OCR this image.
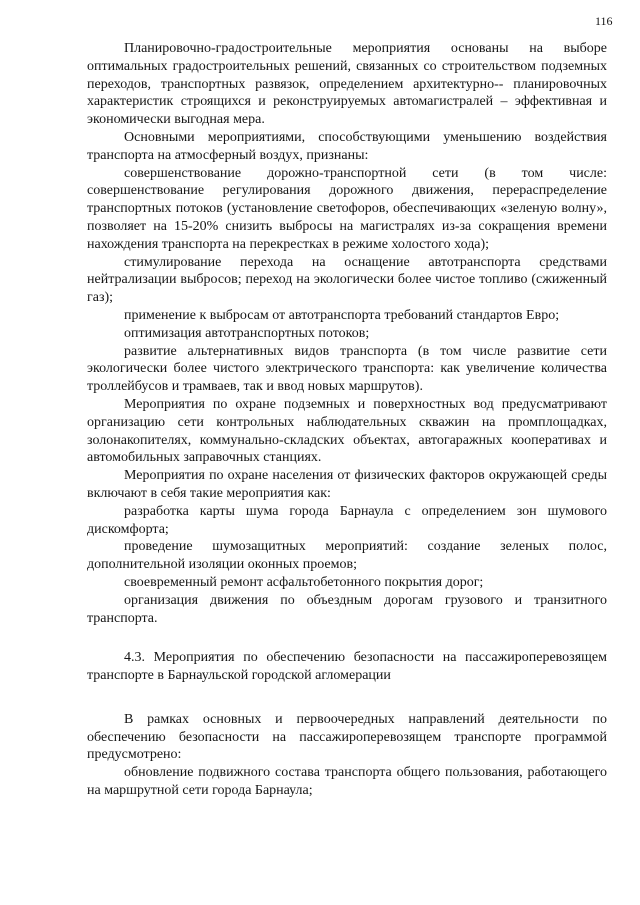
116

Планировочно-градостроительные мероприятия основаны на выборе оптимальных градостроительных решений, связанных со строительством подземных переходов, транспортных развязок, определением архитектурно-- планировочных характеристик строящихся и реконструируемых автомагистралей – эффективная и экономически выгодная мера.

Основными мероприятиями, способствующими уменьшению воздействия транспорта на атмосферный воздух, признаны:

совершенствование дорожно-транспортной сети (в том числе: совершенствование регулирования дорожного движения, перераспределение транспортных потоков (установление светофоров, обеспечивающих «зеленую волну», позволяет на 15-20% снизить выбросы на магистралях из-за сокращения времени нахождения транспорта на перекрестках в режиме холостого хода);

стимулирование перехода на оснащение автотранспорта средствами нейтрализации выбросов; переход на экологически более чистое топливо (сжиженный газ);

применение к выбросам от автотранспорта требований стандартов Евро;

оптимизация автотранспортных потоков;

развитие альтернативных видов транспорта (в том числе развитие сети экологически более чистого электрического транспорта: как увеличение количества троллейбусов и трамваев, так и ввод новых маршрутов).

Мероприятия по охране подземных и поверхностных вод предусматривают организацию сети контрольных наблюдательных скважин на промплощадках, золонакопителях, коммунально-складских объектах, автогаражных кооперативах и автомобильных заправочных станциях.

Мероприятия по охране населения от физических факторов окружающей среды включают в себя такие мероприятия как:

разработка карты шума города Барнаула с определением зон шумового дискомфорта;

проведение шумозащитных мероприятий: создание зеленых полос, дополнительной изоляции оконных проемов;

своевременный ремонт асфальтобетонного покрытия дорог;

организация движения по объездным дорогам грузового и транзитного транспорта.

4.3. Мероприятия по обеспечению безопасности на пассажироперевозящем транспорте в Барнаульской городской агломерации

В рамках основных и первоочередных направлений деятельности по обеспечению безопасности на пассажироперевозящем транспорте программой предусмотрено:

обновление подвижного состава транспорта общего пользования, работающего на маршрутной сети города Барнаула;
